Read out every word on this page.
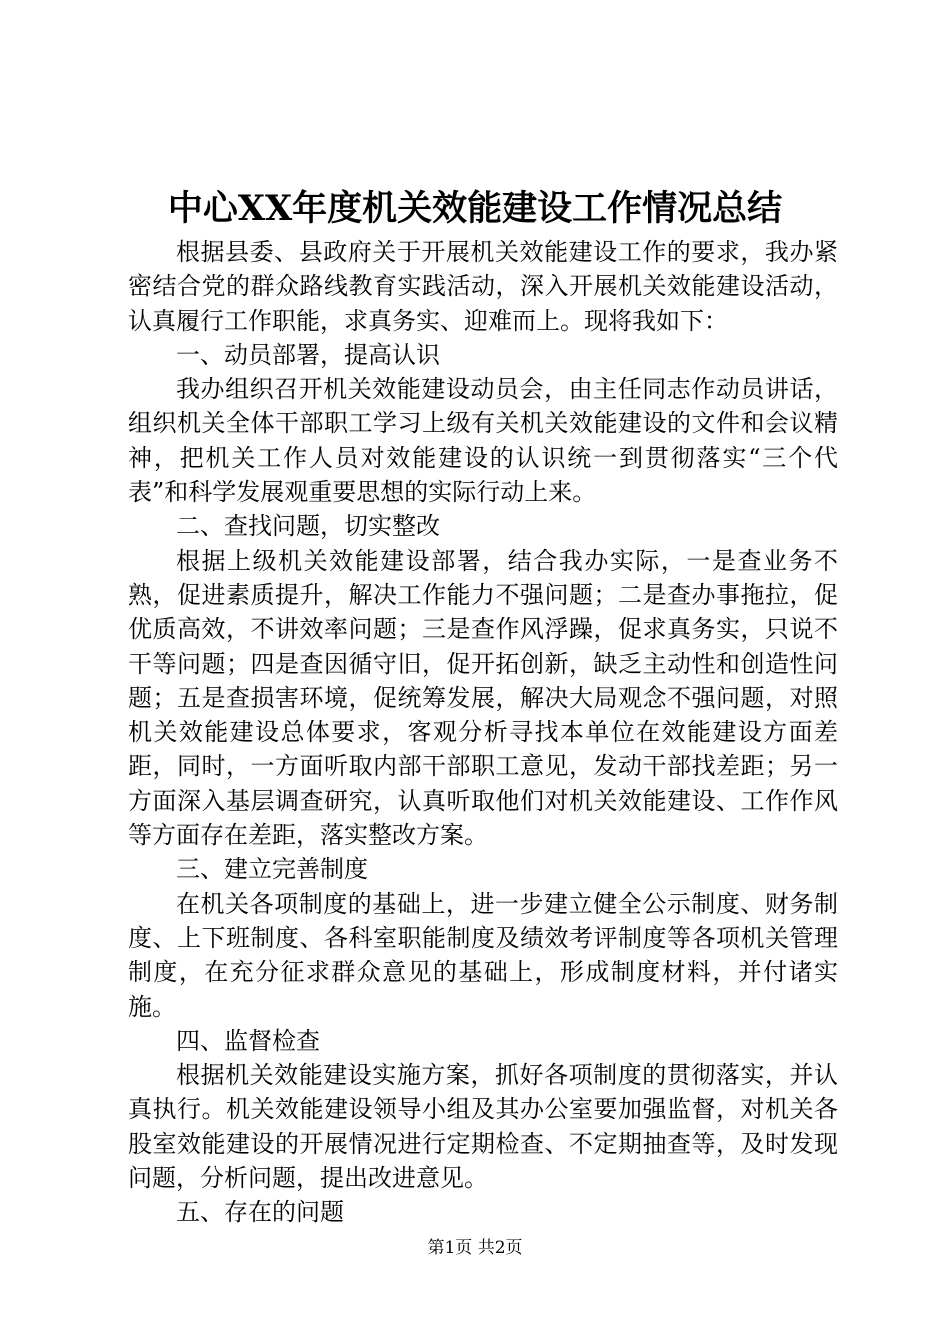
中心XX年度机关效能建设工作情况总结

根据县委、县政府关于开展机关效能建设工作的要求，我办紧密结合党的群众路线教育实践活动，深入开展机关效能建设活动，认真履行工作职能，求真务实、迎难而上。现将我如下：

一、动员部署，提高认识

我办组织召开机关效能建设动员会，由主任同志作动员讲话，组织机关全体干部职工学习上级有关机关效能建设的文件和会议精神，把机关工作人员对效能建设的认识统一到贯彻落实“三个代表”和科学发展观重要思想的实际行动上来。

二、查找问题，切实整改

根据上级机关效能建设部署，结合我办实际，一是查业务不熟，促进素质提升，解决工作能力不强问题；二是查办事拖拉，促优质高效，不讲效率问题；三是查作风浮躁，促求真务实，只说不干等问题；四是查因循守旧，促开拓创新，缺乏主动性和创造性问题；五是查损害环境，促统筹发展，解决大局观念不强问题，对照机关效能建设总体要求，客观分析寻找本单位在效能建设方面差距，同时，一方面听取内部干部职工意见，发动干部找差距；另一方面深入基层调查研究，认真听取他们对机关效能建设、工作作风等方面存在差距，落实整改方案。

三、建立完善制度

在机关各项制度的基础上，进一步建立健全公示制度、财务制度、上下班制度、各科室职能制度及绩效考评制度等各项机关管理制度，在充分征求群众意见的基础上，形成制度材料，并付诸实施。

四、监督检查

根据机关效能建设实施方案，抓好各项制度的贯彻落实，并认真执行。机关效能建设领导小组及其办公室要加强监督，对机关各股室效能建设的开展情况进行定期检查、不定期抽查等，及时发现问题，分析问题，提出改进意见。

五、存在的问题

第1页 共2页
